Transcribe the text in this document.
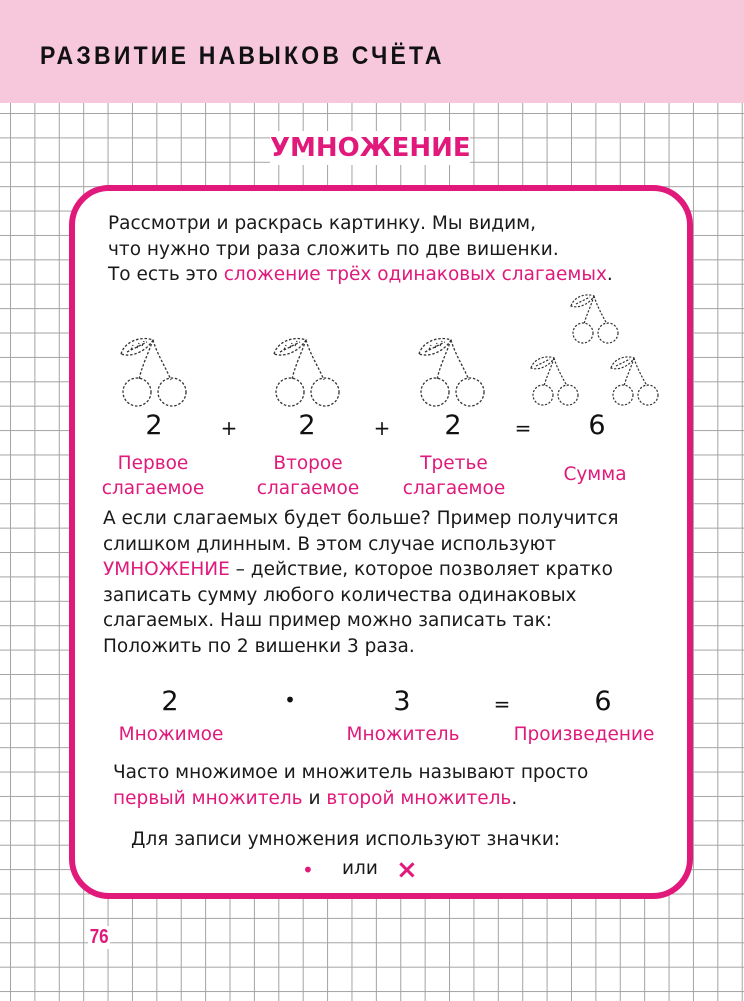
РАЗВИТИЕ НАВЫКОВ СЧЁТА
УМНОЖЕНИЕ
Рассмотри и раскрась картинку. Мы видим,
что нужно три раза сложить по две вишенки.
То есть это сложение трёх одинаковых слагаемых.
2	+	2	+	2	=	6
Первое
слагаемое
Второе
слагаемое
Третье
слагаемое
Сумма
А если слагаемых будет больше? Пример получится
слишком длинным. В этом случае используют
УМНОЖЕНИЕ – действие, которое позволяет кратко
записать сумму любого количества одинаковых
слагаемых. Наш пример можно записать так:
Положить по 2 вишенки 3 раза.
2	•	3	=	6
Множимое	Множитель	Произведение
Часто множимое и множитель называют просто
первый множитель и второй множитель.
Для записи умножения используют значки:
• или ×
76
